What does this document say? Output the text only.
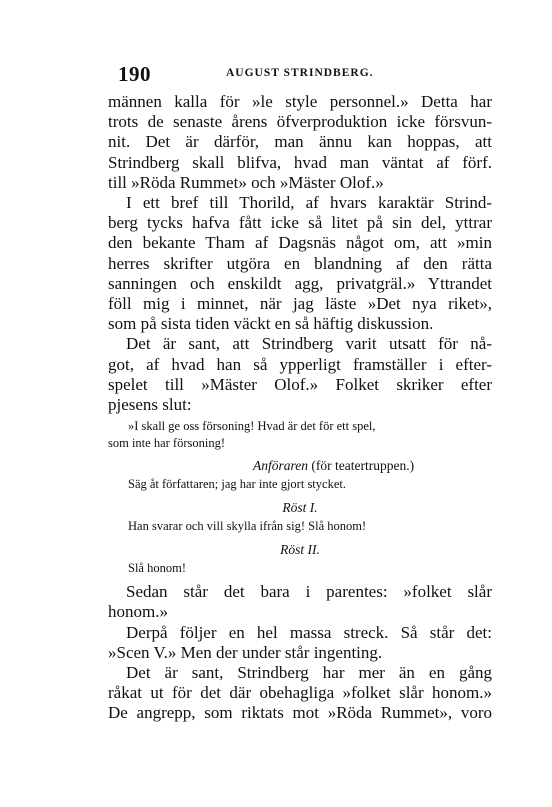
190	AUGUST STRINDBERG.

männen kalla för »le style personnel.» Detta har

trots de senaste årens öfverproduktion icke försvun-

nit. Det är därför, man ännu kan hoppas, att

Strindberg skall blifva, hvad man väntat af förf.

till »Röda Rummet» och »Mäster Olof.»

I ett bref till Thorild, af hvars karaktär Strind-

berg tycks hafva fått icke så litet på sin del, yttrar

den bekante Tham af Dagsnäs något om, att »min

herres skrifter utgöra en blandning af den rätta

sanningen och enskildt agg, privatgräl.» Yttrandet

föll mig i minnet, när jag läste »Det nya riket»,

som på sista tiden väckt en så häftig diskussion.

Det är sant, att Strindberg varit utsatt för nå-

got, af hvad han så ypperligt framställer i efter-

spelet till »Mäster Olof.» Folket skriker efter

pjesens slut:

»I skall ge oss försoning! Hvad är det för ett spel,

som inte har försoning!

Anföraren (för teatertruppen.)

Säg åt författaren; jag har inte gjort stycket.

Röst I.

Han svarar och vill skylla ifrån sig! Slå honom!

Röst II.

Slå honom!

Sedan står det bara i parentes: »folket slår

honom.»

Derpå följer en hel massa streck. Så står det:

»Scen V.» Men der under står ingenting.

Det är sant, Strindberg har mer än en gång

råkat ut för det där obehagliga »folket slår honom.»

De angrepp, som riktats mot »Röda Rummet», voro
